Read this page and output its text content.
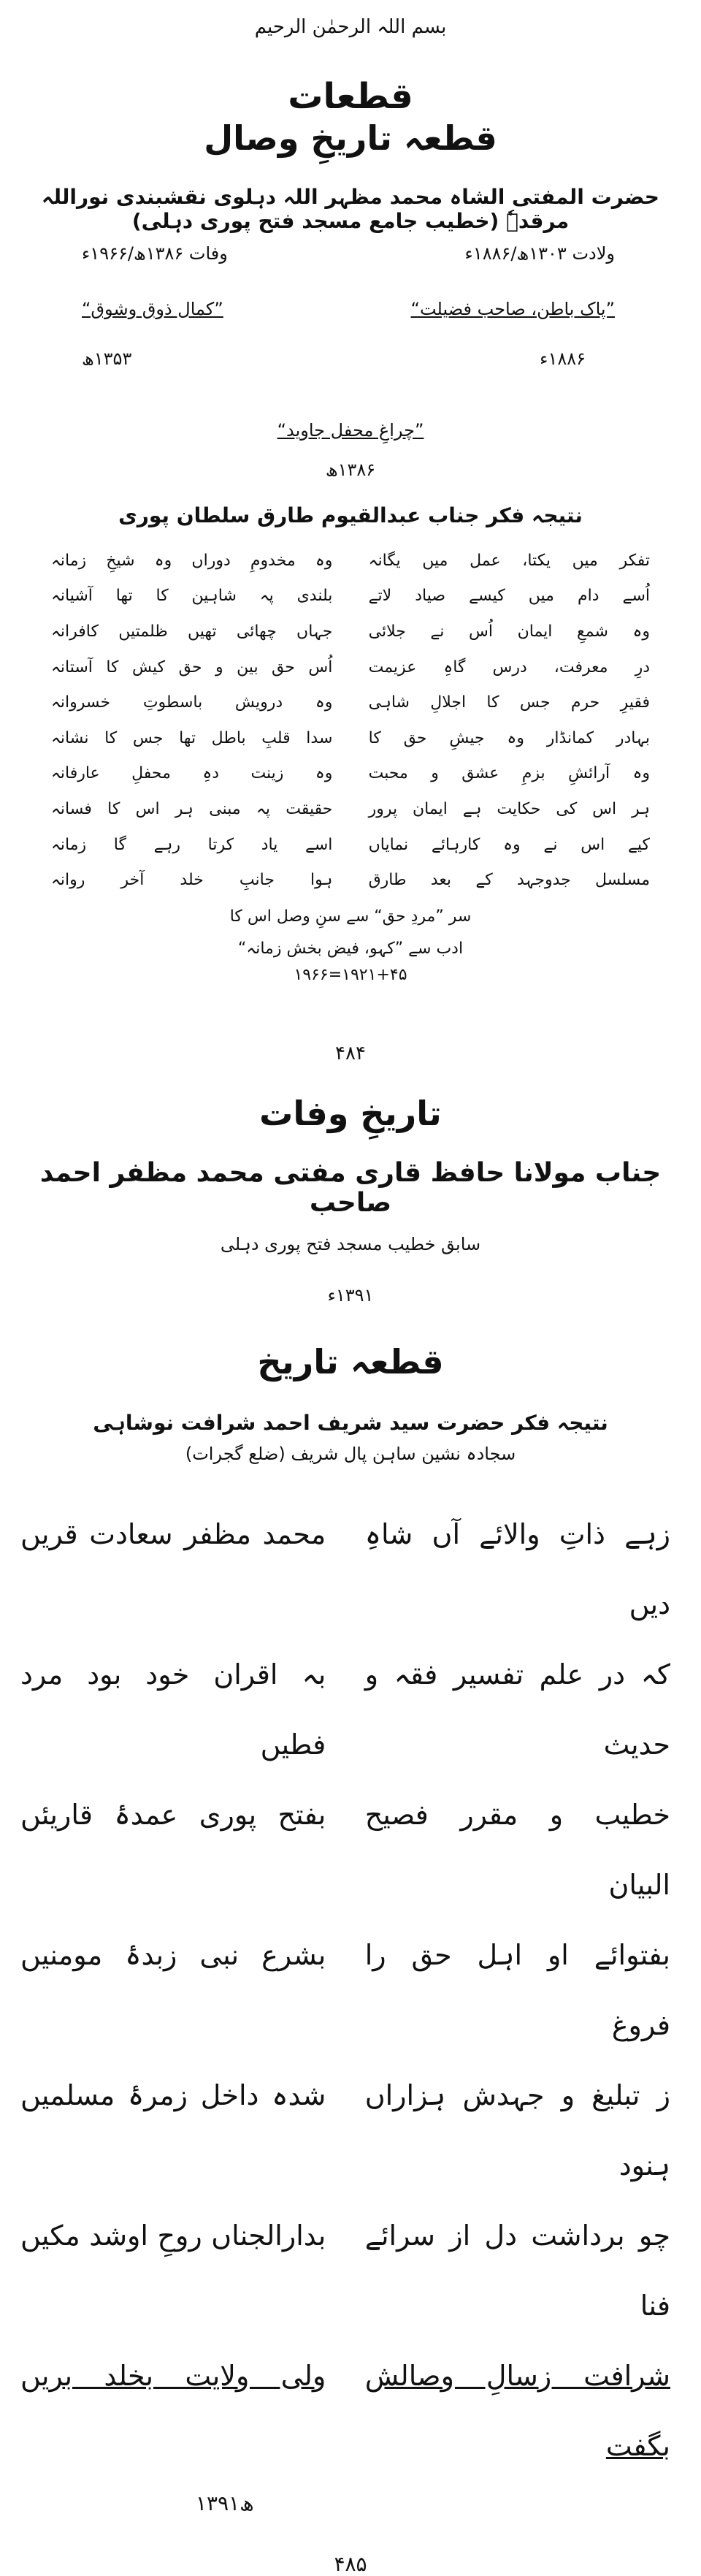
بسم اللہ الرحمٰن الرحیم
قطعات
قطعہ تاریخِ وصال
حضرت المفتی الشاہ محمد مظہر اللہ دہلوی نقشبندی نوراللہ مرقدہٗ (خطیب جامع مسجد فتح پوری دہلی)
ولادت ۱۳۰۳ھ/۱۸۸۶ء
وفات ۱۳۸۶ھ/۱۹۶۶ء
”پاک باطن، صاحب فضیلت“
”کمال ذوق وشوق“
۱۸۸۶ء
۱۳۵۳ھ
”چراغِ محفل جاوید“
۱۳۸۶ھ
نتیجہ فکر جناب عبدالقیوم طارق سلطان پوری
تفکر میں یکتا، عمل میں یگانہ
وہ مخدومِ دوراں وہ شیخِ زمانہ
اُسے دام میں کیسے صیاد لاتے
بلندی پہ شاہین کا تھا آشیانہ
وہ شمعِ ایمان اُس نے جلائی
جہاں چھائی تھیں ظلمتیں کافرانہ
درِ معرفت، درس گاہِ عزیمت
اُس حق بین و حق کیش کا آستانہ
فقیرِ حرم جس کا اجلالِ شاہی
وہ درویش باسطوتِ خسروانہ
بہادر کمانڈار وہ جیشِ حق کا
سدا قلبِ باطل تھا جس کا نشانہ
وہ آرائشِ بزمِ عشق و محبت
وہ زینت دہِ محفلِ عارفانہ
ہر اس کی حکایت ہے ایمان پرور
حقیقت پہ مبنی ہر اس کا فسانہ
کیے اس نے وہ کارہائے نمایاں
اسے یاد کرتا رہے گا زمانہ
مسلسل جدوجہد کے بعد طارق
ہوا جانبِ خلد آخر روانہ
سر ”مردِ حق“ سے سنِ وصل اس کا
ادب سے ”کہو، فیض بخش زمانہ“
۱۹۲۱+۴۵=۱۹۶۶
۴۸۴
تاریخِ وفات
جناب مولانا حافظ قاری مفتی محمد مظفر احمد صاحب
سابق خطیب مسجد فتح پوری دہلی
۱۳۹۱ء
قطعہ تاریخ
نتیجہ فکر حضرت سید شریف احمد شرافت نوشاہی
سجادہ نشین ساہن پال شریف (ضلع گجرات)
زہے ذاتِ والائے آں شاہِ دیں
محمد مظفر سعادت قریں
کہ در علم تفسیر فقہ و حدیث
بہ اقران خود بود مرد فطیں
خطیب و مقرر فصیح البیان
بفتح پوری عمدۂ قاریئں
بفتوائے او اہل حق را فروغ
بشرع نبی زبدۂ مومنیں
ز تبلیغ و جہدش ہزاراں ہنود
شدہ داخل زمرۂ مسلمیں
چو برداشت دل از سرائے فنا
بدارالجناں روحِ اوشد مکیں
شرافت زسالِ وصالش بگفت
ولی ولایت بخلد بریں
۱۳۹۱ھ
۴۸۵
